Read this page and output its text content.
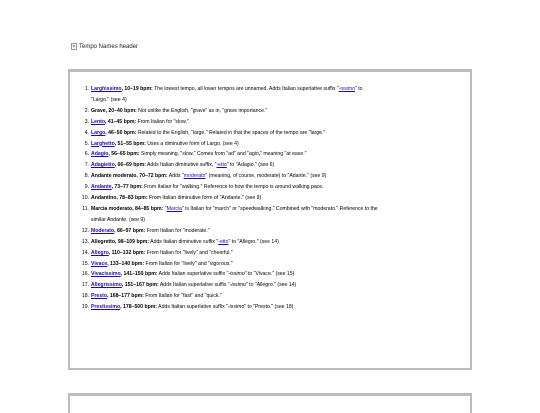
Tempo Names header
1. Larghissimo, 10–19 bpm: The lowest tempo, all lower tempos are unnamed. Adds Italian superlative suffix "-issimo" to
"Largo." (see 4)
2. Grave, 20–40 bpm: Not unlike the English, "grave" as in, "grave importance."
3. Lento, 41–45 bpm: From Italian for "slow."
4. Largo, 46–50 bpm: Related to the English, "large." Related in that the spaces of the tempo are "large."
5. Larghetto, 51–55 bpm: Uses a diminutive form of Largo. (see 4)
6. Adagio, 56–65 bpm: Simply meaning, "slow." Comes from "ad" and "agio," meaning "at ease."
7. Adagietto, 66–69 bpm: Adds Italian diminutive suffix, "-etto" to "Adagio." (see 6)
8. Andante moderato, 70–72 bpm: Adds "moderato" (meaning, of course, moderate) to "Adante." (see 9)
9. Andante, 73–77 bpm: From Italian for "walking." Reference to how the tempo is around walking pace.
10. Andantino, 78–83 bpm: From Italian diminutive form of "Andante." (see 9)
11. Marcia moderato, 84–85 bpm: "Marcia" is Italian for "march" or "speedwalking." Combined with "moderato." Reference to the
similar Andante. (see 9)
12. Moderato, 86–97 bpm: From Italian for "moderate."
13. Allegretto, 98–109 bpm: Adds Italian diminutive suffix "-etto" to "Allegro." (see 14)
14. Allegro, 110–132 bpm: From Italian for "lively" and "cheerful."
15. Vivace, 133–140 bpm: From Italian for "lively" and "vigorous."
16. Vivacissimo, 141–150 bpm: Adds Italian superlative suffix "-issimo" to "Vivace." (see 15)
17. Allegrissimo, 151–167 bpm: Adds Italian superlative suffix "-issimo" to "Allegro." (see 14)
18. Presto, 168–177 bpm: From Italian for "fast" and "quick."
19. Prestissimo, 178–500 bpm: Adds Italian superlative suffix "-issimo" to "Presto." (see 18)
